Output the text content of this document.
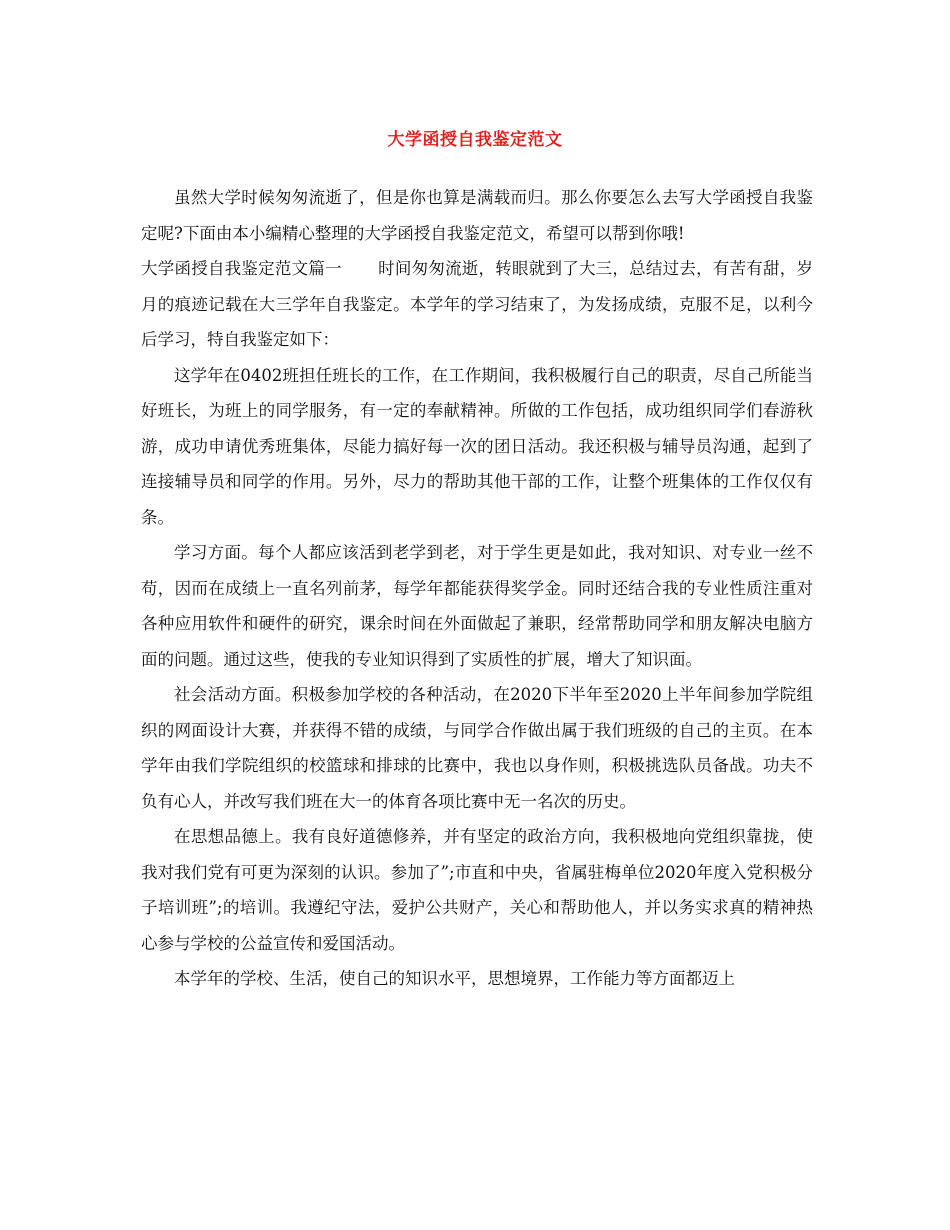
大学函授自我鉴定范文

虽然大学时候匆匆流逝了，但是你也算是满载而归。那么你要怎么去写大学函授自我鉴定呢?下面由本小编精心整理的大学函授自我鉴定范文，希望可以帮到你哦!

大学函授自我鉴定范文篇一 时间匆匆流逝，转眼就到了大三，总结过去，有苦有甜，岁月的痕迹记载在大三学年自我鉴定。本学年的学习结束了，为发扬成绩，克服不足，以利今后学习，特自我鉴定如下：

这学年在0402班担任班长的工作，在工作期间，我积极履行自己的职责，尽自己所能当好班长，为班上的同学服务，有一定的奉献精神。所做的工作包括，成功组织同学们春游秋游，成功申请优秀班集体，尽能力搞好每一次的团日活动。我还积极与辅导员沟通，起到了连接辅导员和同学的作用。另外，尽力的帮助其他干部的工作，让整个班集体的工作仅仅有条。

学习方面。每个人都应该活到老学到老，对于学生更是如此，我对知识、对专业一丝不苟，因而在成绩上一直名列前茅，每学年都能获得奖学金。同时还结合我的专业性质注重对各种应用软件和硬件的研究，课余时间在外面做起了兼职，经常帮助同学和朋友解决电脑方面的问题。通过这些，使我的专业知识得到了实质性的扩展，增大了知识面。

社会活动方面。积极参加学校的各种活动，在2020下半年至2020上半年间参加学院组织的网面设计大赛，并获得不错的成绩，与同学合作做出属于我们班级的自己的主页。在本学年由我们学院组织的校篮球和排球的比赛中，我也以身作则，积极挑选队员备战。功夫不负有心人，并改写我们班在大一的体育各项比赛中无一名次的历史。

在思想品德上。我有良好道德修养，并有坚定的政治方向，我积极地向党组织靠拢，使我对我们党有可更为深刻的认识。参加了”;市直和中央，省属驻梅单位2020年度入党积极分子培训班”;的培训。我遵纪守法，爱护公共财产，关心和帮助他人，并以务实求真的精神热心参与学校的公益宣传和爱国活动。

本学年的学校、生活，使自己的知识水平，思想境界，工作能力等方面都迈上
